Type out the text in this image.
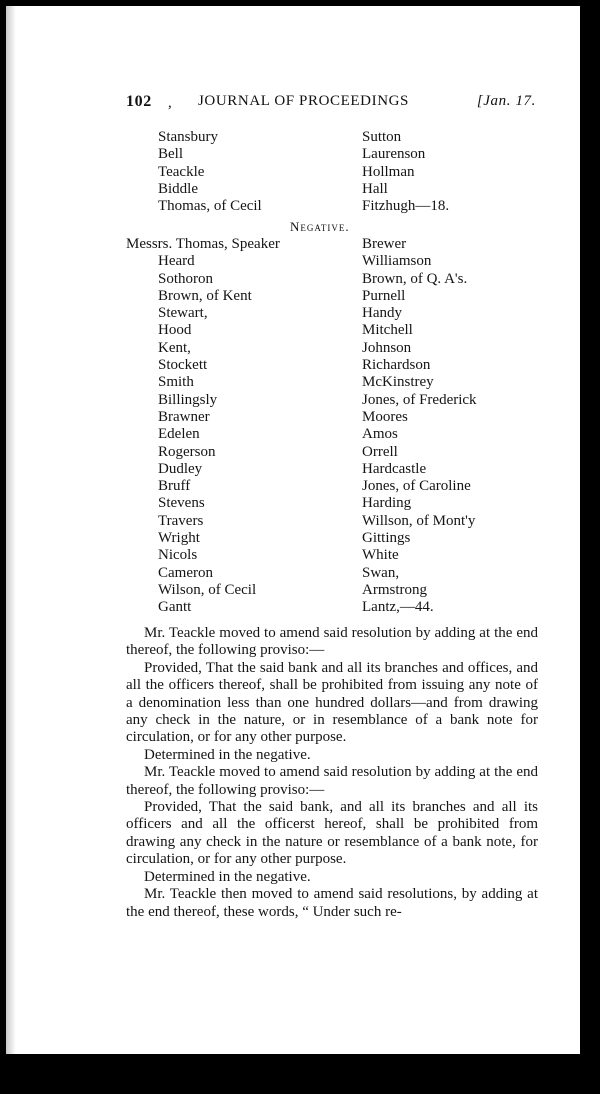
102 , JOURNAL OF PROCEEDINGS	[Jan. 17.
Stansbury
Bell
Teackle
Biddle
Thomas, of Cecil
Sutton
Laurenson
Hollman
Hall
Fitzhugh—18.
Negative.
Messrs. Thomas, Speaker
Heard
Sothoron
Brown, of Kent
Stewart,
Hood
Kent,
Stockett
Smith
Billingsly
Brawner
Edelen
Rogerson
Dudley
Bruff
Stevens
Travers
Wright
Nicols
Cameron
Wilson, of Cecil
Gantt
Brewer
Williamson
Brown, of Q. A's.
Purnell
Handy
Mitchell
Johnson
Richardson
McKinstrey
Jones, of Frederick
Moores
Amos
Orrell
Hardcastle
Jones, of Caroline
Harding
Willson, of Mont'y
Gittings
White
Swan,
Armstrong
Lantz,—44.

Mr. Teackle moved to amend said resolution by adding at the end thereof, the following proviso:—

Provided, That the said bank and all its branches and offices, and all the officers thereof, shall be prohibited from issuing any note of a denomination less than one hundred dollars—and from drawing any check in the nature, or in resemblance of a bank note for circulation, or for any other purpose.

Determined in the negative.

Mr. Teackle moved to amend said resolution by adding at the end thereof, the following proviso:—

Provided, That the said bank, and all its branches and all its officers and all the officerst hereof, shall be prohibited from drawing any check in the nature or resemblance of a bank note, for circulation, or for any other purpose.

Determined in the negative.

Mr. Teackle then moved to amend said resolutions, by adding at the end thereof, these words, “ Under such re-
